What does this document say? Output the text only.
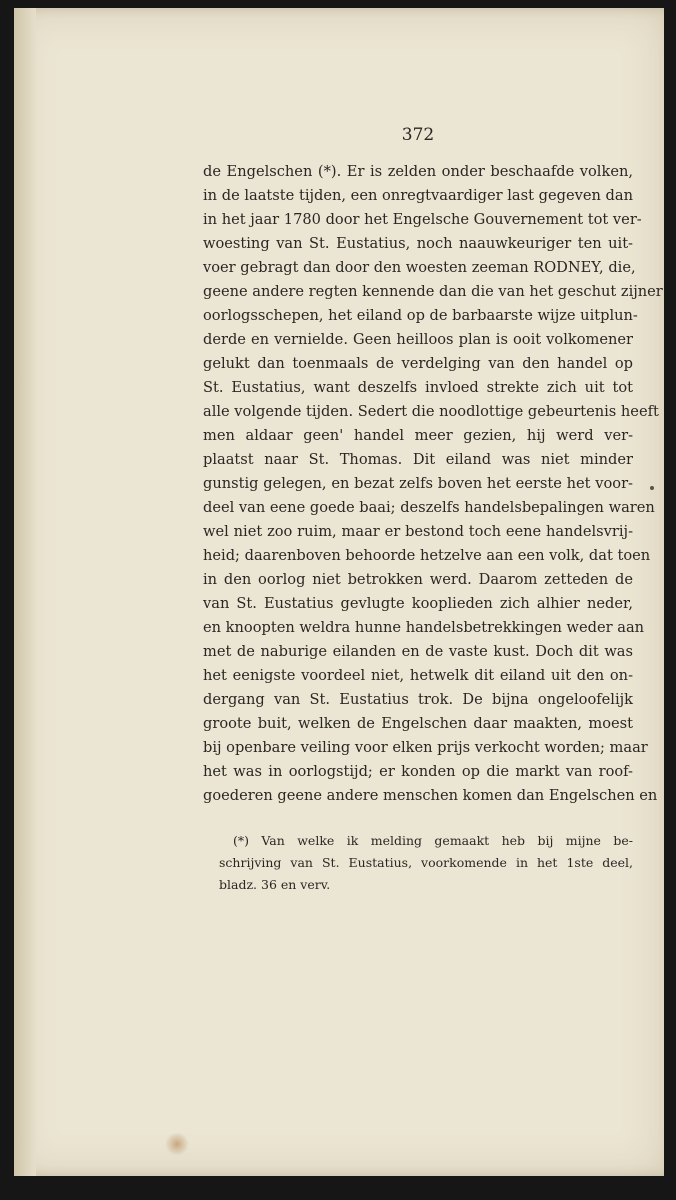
372
de Engelschen (*). Er is zelden onder beschaafde volken,
in de laatste tijden, een onregtvaardiger last gegeven dan
in het jaar 1780 door het Engelsche Gouvernement tot ver-
woesting van St. Eustatius, noch naauwkeuriger ten uit-
voer gebragt dan door den woesten zeeman RODNEY, die,
geene andere regten kennende dan die van het geschut zijner
oorlogsschepen, het eiland op de barbaarste wijze uitplun-
derde en vernielde. Geen heilloos plan is ooit volkomener
gelukt dan toenmaals de verdelging van den handel op
St. Eustatius, want deszelfs invloed strekte zich uit tot
alle volgende tijden. Sedert die noodlottige gebeurtenis heeft
men aldaar geen' handel meer gezien, hij werd ver-
plaatst naar St. Thomas. Dit eiland was niet minder
gunstig gelegen, en bezat zelfs boven het eerste het voor-
deel van eene goede baai; deszelfs handelsbepalingen waren
wel niet zoo ruim, maar er bestond toch eene handelsvrij-
heid; daarenboven behoorde hetzelve aan een volk, dat toen
in den oorlog niet betrokken werd. Daarom zetteden de
van St. Eustatius gevlugte kooplieden zich alhier neder,
en knoopten weldra hunne handelsbetrekkingen weder aan
met de naburige eilanden en de vaste kust. Doch dit was
het eenigste voordeel niet, hetwelk dit eiland uit den on-
dergang van St. Eustatius trok. De bijna ongeloofelijk
groote buit, welken de Engelschen daar maakten, moest
bij openbare veiling voor elken prijs verkocht worden; maar
het was in oorlogstijd; er konden op die markt van roof-
goederen geene andere menschen komen dan Engelschen en
(*) Van welke ik melding gemaakt heb bij mijne be-
schrijving van St. Eustatius, voorkomende in het 1ste deel,
bladz. 36 en verv.
